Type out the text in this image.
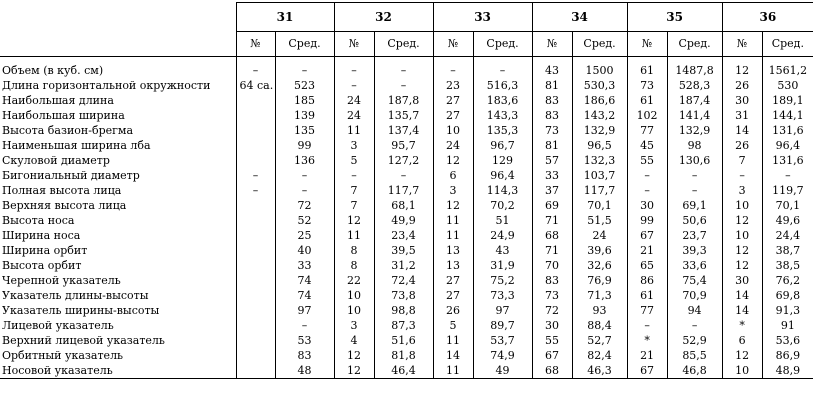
	31		32		33		34		35		36	
	№	Сред.	№	Сред.	№	Сред.	№	Сред.	№	Сред.	№	Сред.
Объем (в куб. см)	–	–	–	–	–	–	43	1500	61	1487,8	12	1561,2
Длина горизонтальной окружности	64 са.	523	–	–	23	516,3	81	530,3	73	528,3	26	530
Наибольшая длина		185	24	187,8	27	183,6	83	186,6	61	187,4	30	189,1
Наибольшая ширина		139	24	135,7	27	143,3	83	143,2	102	141,4	31	144,1
Высота базион-брегма		135	11	137,4	10	135,3	73	132,9	77	132,9	14	131,6
Наименьшая ширина лба		99	3	95,7	24	96,7	81	96,5	45	98	26	96,4
Скуловой диаметр		136	5	127,2	12	129	57	132,3	55	130,6	7	131,6
Бигониальный диаметр	–	–	–	–	6	96,4	33	103,7	–	–	–	–
Полная высота лица	–	–	7	117,7	3	114,3	37	117,7	–	–	3	119,7
Верхняя высота лица		72	7	68,1	12	70,2	69	70,1	30	69,1	10	70,1
Высота носа		52	12	49,9	11	51	71	51,5	99	50,6	12	49,6
Ширина носа		25	11	23,4	11	24,9	68	24	67	23,7	10	24,4
Ширина орбит		40	8	39,5	13	43	71	39,6	21	39,3	12	38,7
Высота орбит		33	8	31,2	13	31,9	70	32,6	65	33,6	12	38,5
Черепной указатель		74	22	72,4	27	75,2	83	76,9	86	75,4	30	76,2
Указатель длины-высоты		74	10	73,8	27	73,3	73	71,3	61	70,9	14	69,8
Указатель ширины-высоты		97	10	98,8	26	97	72	93	77	94	14	91,3
Лицевой указатель		–	3	87,3	5	89,7	30	88,4	–	–	*	91
Верхний лицевой указатель		53	4	51,6	11	53,7	55	52,7	*	52,9	6	53,6
Орбитный указатель		83	12	81,8	14	74,9	67	82,4	21	85,5	12	86,9
Носовой указатель		48	12	46,4	11	49	68	46,3	67	46,8	10	48,9
